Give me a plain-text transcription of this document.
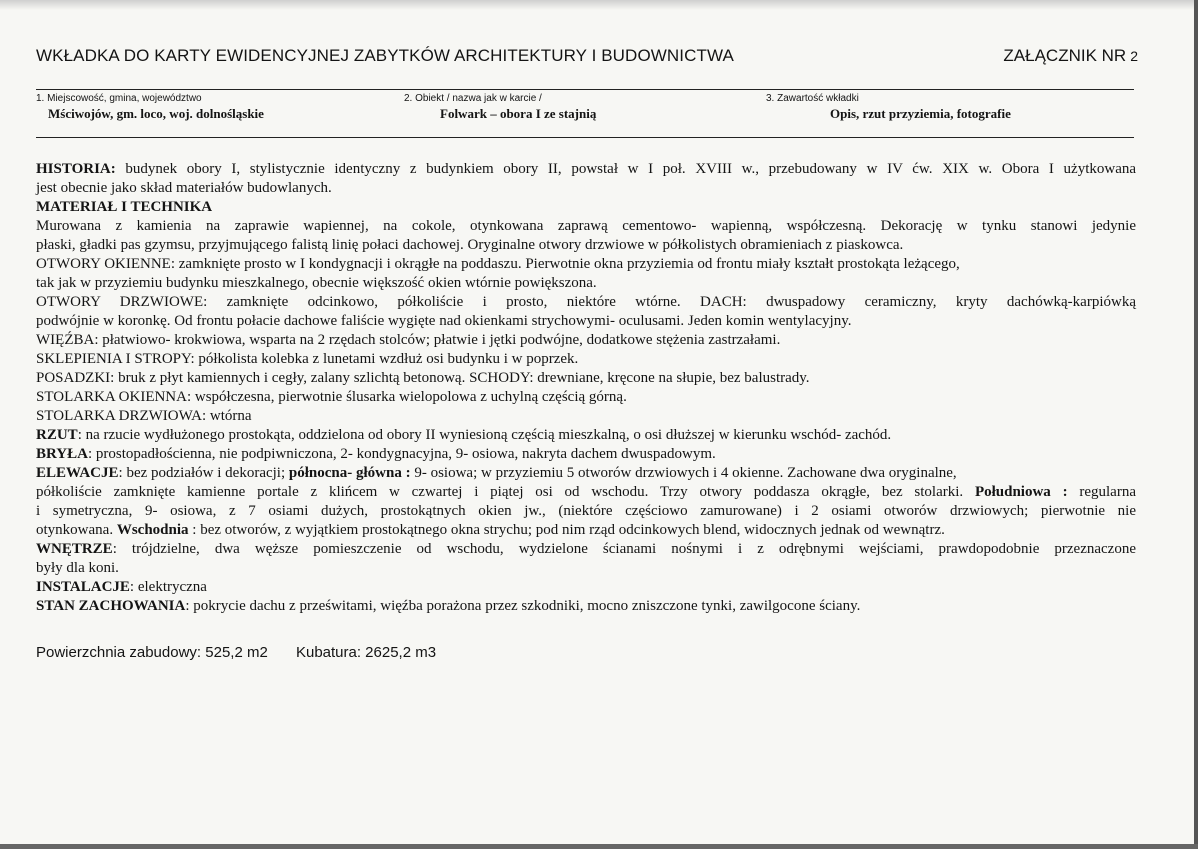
WKŁADKA DO KARTY EWIDENCYJNEJ ZABYTKÓW ARCHITEKTURY I BUDOWNICTWA	ZAŁĄCZNIK NR 2
1. Miejscowość, gmina, województwo
Mściwojów, gm. loco, woj. dolnośląskie
2. Obiekt / nazwa jak w karcie /
Folwark – obora I ze stajnią
3. Zawartość wkładki
Opis, rzut przyziemia, fotografie

HISTORIA: budynek obory I, stylistycznie identyczny z budynkiem obory II, powstał w I poł. XVIII w., przebudowany w IV ćw. XIX w. Obora I użytkowana

jest obecnie jako skład materiałów budowlanych.

MATERIAŁ I TECHNIKA

Murowana z kamienia na zaprawie wapiennej, na cokole, otynkowana zaprawą cementowo- wapienną, współczesną. Dekorację w tynku stanowi jedynie

płaski, gładki pas gzymsu, przyjmującego falistą linię połaci dachowej. Oryginalne otwory drzwiowe w półkolistych obramieniach z piaskowca.

OTWORY OKIENNE: zamknięte prosto w I kondygnacji i okrągłe na poddaszu. Pierwotnie okna przyziemia od frontu miały kształt prostokąta leżącego,

tak jak w przyziemiu budynku mieszkalnego, obecnie większość okien wtórnie powiększona.

OTWORY DRZWIOWE: zamknięte odcinkowo, półkoliście i prosto, niektóre wtórne. DACH: dwuspadowy ceramiczny, kryty dachówką-karpiówką

podwójnie w koronkę. Od frontu połacie dachowe faliście wygięte nad okienkami strychowymi- oculusami. Jeden komin wentylacyjny.

WIĘŹBA: płatwiowo- krokwiowa, wsparta na 2 rzędach stolców; płatwie i jętki podwójne, dodatkowe stężenia zastrzałami.

SKLEPIENIA I STROPY: półkolista kolebka z lunetami wzdłuż osi budynku i w poprzek.

POSADZKI: bruk z płyt kamiennych i cegły, zalany szlichtą betonową. SCHODY: drewniane, kręcone na słupie, bez balustrady.

STOLARKA OKIENNA: współczesna, pierwotnie ślusarka wielopolowa z uchylną częścią górną.

STOLARKA DRZWIOWA: wtórna

RZUT: na rzucie wydłużonego prostokąta, oddzielona od obory II wyniesioną częścią mieszkalną, o osi dłuższej w kierunku wschód- zachód.

BRYŁA: prostopadłościenna, nie podpiwniczona, 2- kondygnacyjna, 9- osiowa, nakryta dachem dwuspadowym.

ELEWACJE: bez podziałów i dekoracji; północna- główna : 9- osiowa; w przyziemiu 5 otworów drzwiowych i 4 okienne. Zachowane dwa oryginalne,

półkoliście zamknięte kamienne portale z klińcem w czwartej i piątej osi od wschodu. Trzy otwory poddasza okrągłe, bez stolarki. Południowa : regularna

i symetryczna, 9- osiowa, z 7 osiami dużych, prostokątnych okien jw., (niektóre częściowo zamurowane) i 2 osiami otworów drzwiowych; pierwotnie nie

otynkowana. Wschodnia : bez otworów, z wyjątkiem prostokątnego okna strychu; pod nim rząd odcinkowych blend, widocznych jednak od wewnątrz.

WNĘTRZE: trójdzielne, dwa węższe pomieszczenie od wschodu, wydzielone ścianami nośnymi i z odrębnymi wejściami, prawdopodobnie przeznaczone

były dla koni.

INSTALACJE: elektryczna

STAN ZACHOWANIA: pokrycie dachu z prześwitami, więźba porażona przez szkodniki, mocno zniszczone tynki, zawilgocone ściany.

Powierzchnia zabudowy: 525,2 m2 Kubatura: 2625,2 m3
